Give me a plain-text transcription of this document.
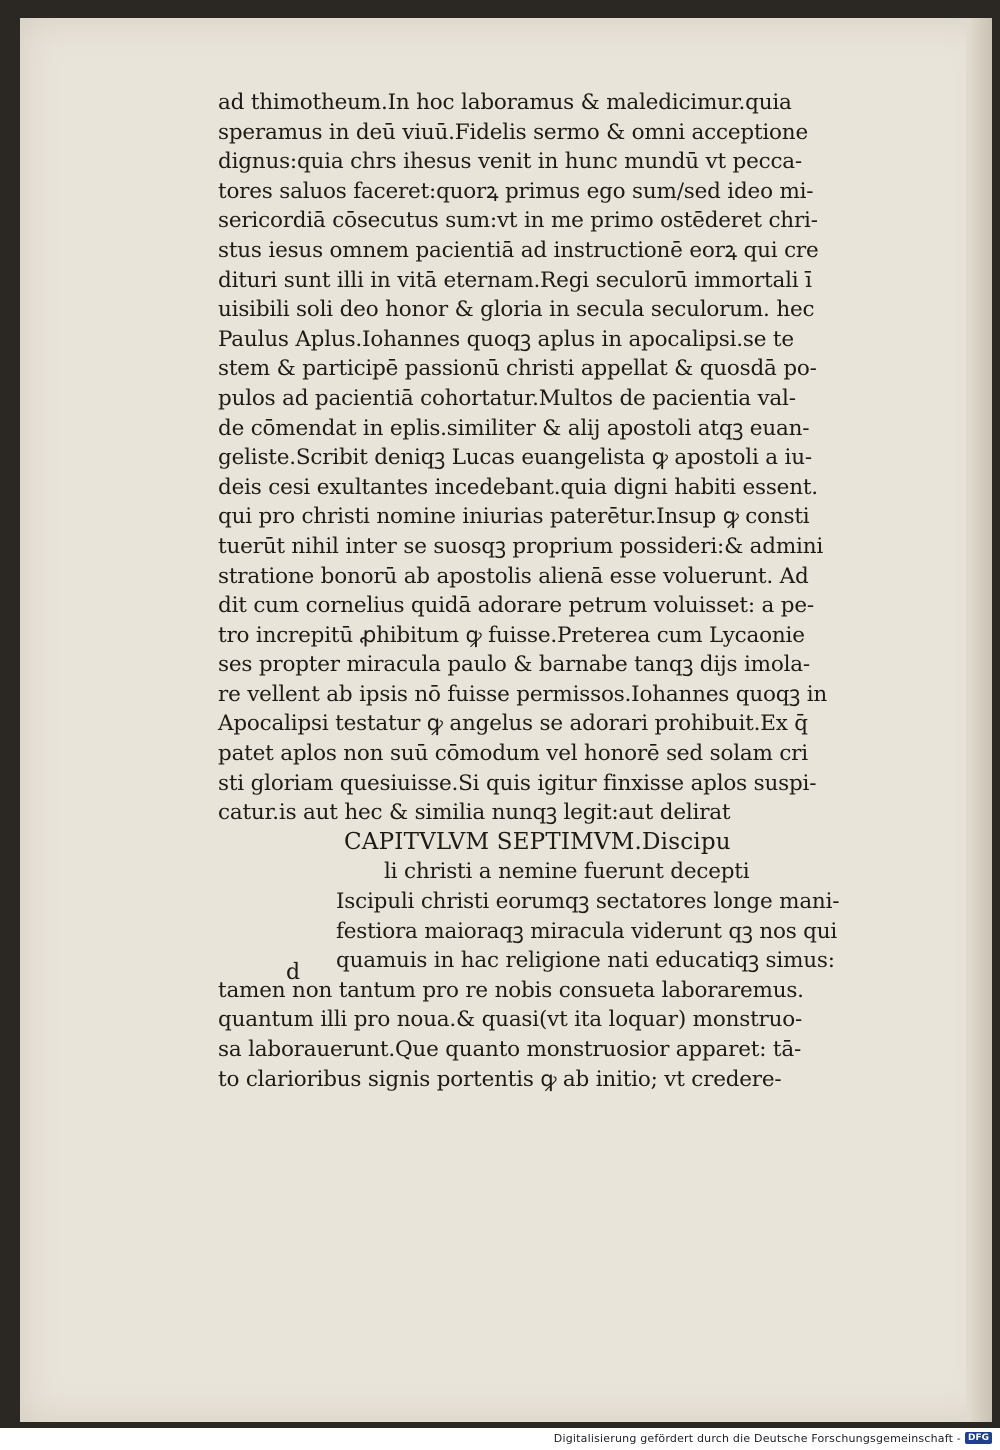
ad thimotheum.In hoc laboramus & maledicimur.quia
speramus in deū viuū.Fidelis sermo & omni acceptione
dignus:quia chrs ihesus venit in hunc mundū vt pecca-
tores saluos faceret:quorꝝ primus ego sum/sed ideo mi-
sericordiā cōsecutus sum:vt in me primo ostēderet chri-
stus iesus omnem pacientiā ad instructionē eorꝝ qui cre
dituri sunt illi in vitā eternam.Regi seculorū immortali ī
uisibili soli deo honor & gloria in secula seculorum. hec
Paulus Aplus.Iohannes quoqꝫ aplus in apocalipsi.se te
stem & participē passionū christi appellat & quosdā po-
pulos ad pacientiā cohortatur.Multos de pacientia val-
de cōmendat in eplis.similiter & alij apostoli atqꝫ euan-
geliste.Scribit deniqꝫ Lucas euangelista ꝙ apostoli a iu-
deis cesi exultantes incedebant.quia digni habiti essent.
qui pro christi nomine iniurias paterētur.Insup ꝙ consti
tuerūt nihil inter se suosqꝫ proprium possideri:& admini
stratione bonorū ab apostolis alienā esse voluerunt. Ad
dit cum cornelius quidā adorare petrum voluisset: a pe-
tro increpitū ꝓhibitum ꝙ fuisse.Preterea cum Lycaonie
ses propter miracula paulo & barnabe tanqꝫ dijs imola-
re vellent ab ipsis nō fuisse permissos.Iohannes quoqꝫ in
Apocalipsi testatur ꝙ angelus se adorari prohibuit.Ex q̄
patet aplos non suū cōmodum vel honorē sed solam cri
sti gloriam quesiuisse.Si quis igitur finxisse aplos suspi-
catur.is aut hec & similia nunqꝫ legit:aut delirat
CAPITVLVM SEPTIMVM.Discipu
li christi a nemine fuerunt decepti
Iscipuli christi eorumqꝫ sectatores longe mani-
festiora maioraqꝫ miracula viderunt qꝫ nos qui
quamuis in hac religione nati educatiqꝫ simus:
tamen non tantum pro re nobis consueta laboraremus.
quantum illi pro noua.& quasi(vt ita loquar) monstruo-
sa laborauerunt.Que quanto monstruosior apparet: tā-
to clarioribus signis portentis ꝙ ab initio; vt credere-
d
Digitalisierung gefördert durch die Deutsche Forschungsgemeinschaft - DFG
